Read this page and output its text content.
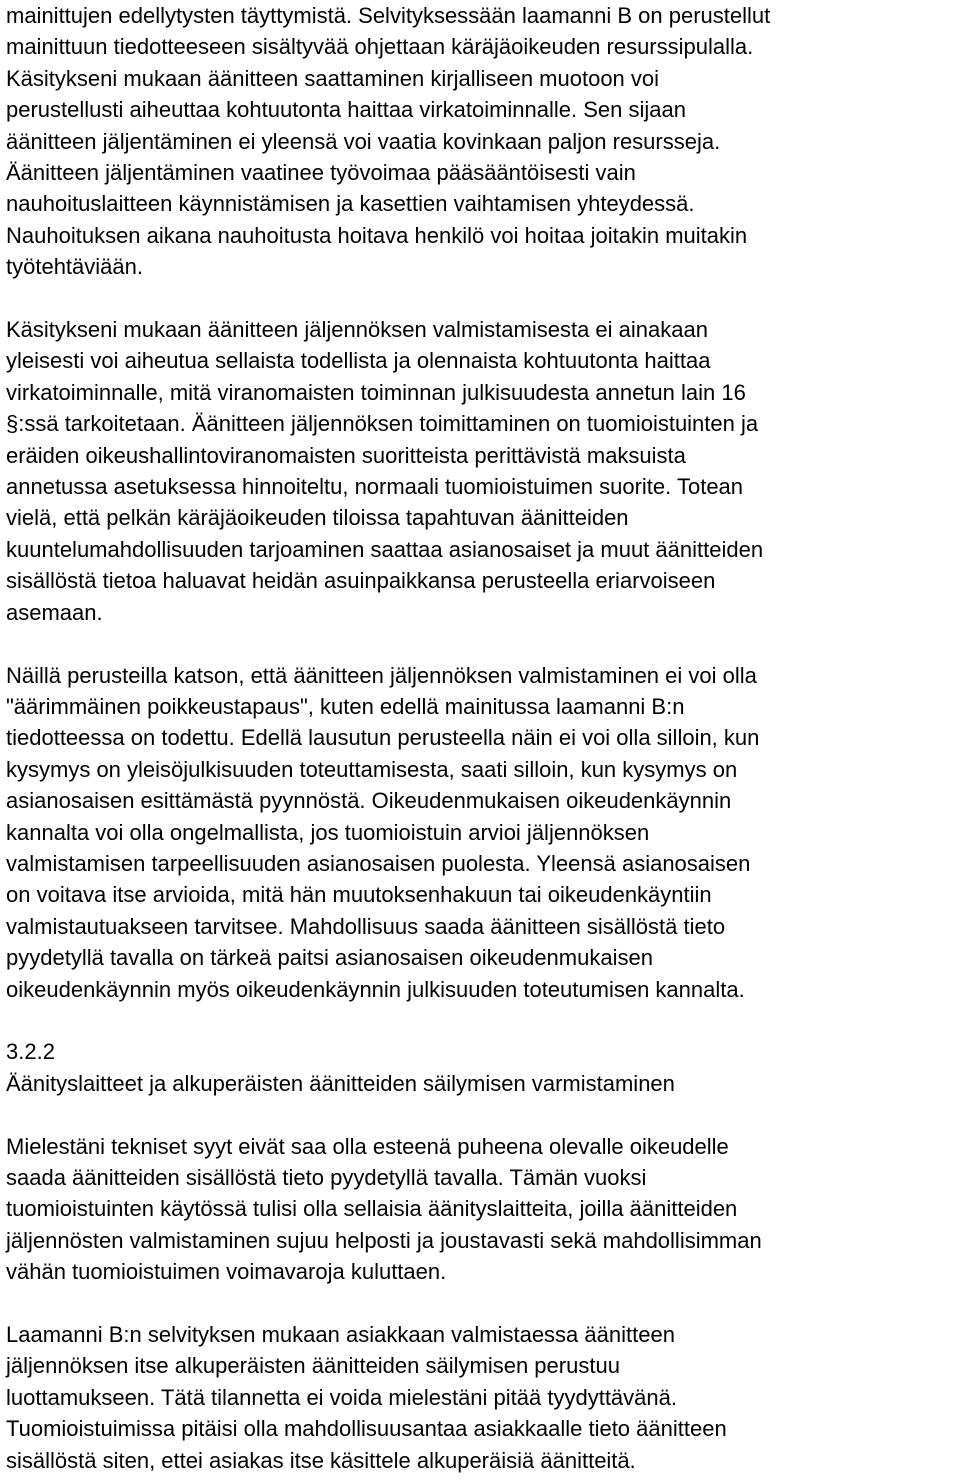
mainittujen edellytysten täyttymistä. Selvityksessään laamanni B on perustellut
mainittuun tiedotteeseen sisältyvää ohjettaan käräjäoikeuden resurssipulalla.
Käsitykseni mukaan äänitteen saattaminen kirjalliseen muotoon voi
perustellusti aiheuttaa kohtuutonta haittaa virkatoiminnalle. Sen sijaan
äänitteen jäljentäminen ei yleensä voi vaatia kovinkaan paljon resursseja.
Äänitteen jäljentäminen vaatinee työvoimaa pääsääntöisesti vain
nauhoituslaitteen käynnistämisen ja kasettien vaihtamisen yhteydessä.
Nauhoituksen aikana nauhoitusta hoitava henkilö voi hoitaa joitakin muitakin
työtehtäviään.
Käsitykseni mukaan äänitteen jäljennöksen valmistamisesta ei ainakaan
yleisesti voi aiheutua sellaista todellista ja olennaista kohtuutonta haittaa
virkatoiminnalle, mitä viranomaisten toiminnan julkisuudesta annetun lain 16
§:ssä tarkoitetaan. Äänitteen jäljennöksen toimittaminen on tuomioistuinten ja
eräiden oikeushallintoviranomaisten suoritteista perittävistä maksuista
annetussa asetuksessa hinnoiteltu, normaali tuomioistuimen suorite. Totean
vielä, että pelkän käräjäoikeuden tiloissa tapahtuvan äänitteiden
kuuntelumahdollisuuden tarjoaminen saattaa asianosaiset ja muut äänitteiden
sisällöstä tietoa haluavat heidän asuinpaikkansa perusteella eriarvoiseen
asemaan.
Näillä perusteilla katson, että äänitteen jäljennöksen valmistaminen ei voi olla
"äärimmäinen poikkeustapaus", kuten edellä mainitussa laamanni B:n
tiedotteessa on todettu. Edellä lausutun perusteella näin ei voi olla silloin, kun
kysymys on yleisöjulkisuuden toteuttamisesta, saati silloin, kun kysymys on
asianosaisen esittämästä pyynnöstä. Oikeudenmukaisen oikeudenkäynnin
kannalta voi olla ongelmallista, jos tuomioistuin arvioi jäljennöksen
valmistamisen tarpeellisuuden asianosaisen puolesta. Yleensä asianosaisen
on voitava itse arvioida, mitä hän muutoksenhakuun tai oikeudenkäyntiin
valmistautuakseen tarvitsee. Mahdollisuus saada äänitteen sisällöstä tieto
pyydetyllä tavalla on tärkeä paitsi asianosaisen oikeudenmukaisen
oikeudenkäynnin myös oikeudenkäynnin julkisuuden toteutumisen kannalta.
3.2.2
Äänityslaitteet ja alkuperäisten äänitteiden säilymisen varmistaminen
Mielestäni tekniset syyt eivät saa olla esteenä puheena olevalle oikeudelle
saada äänitteiden sisällöstä tieto pyydetyllä tavalla. Tämän vuoksi
tuomioistuinten käytössä tulisi olla sellaisia äänityslaitteita, joilla äänitteiden
jäljennösten valmistaminen sujuu helposti ja joustavasti sekä mahdollisimman
vähän tuomioistuimen voimavaroja kuluttaen.
Laamanni B:n selvityksen mukaan asiakkaan valmistaessa äänitteen
jäljennöksen itse alkuperäisten äänitteiden säilymisen perustuu
luottamukseen. Tätä tilannetta ei voida mielestäni pitää tyydyttävänä.
Tuomioistuimissa pitäisi olla mahdollisuusantaa asiakkaalle tieto äänitteen
sisällöstä siten, ettei asiakas itse käsittele alkuperäisiä äänitteitä.
